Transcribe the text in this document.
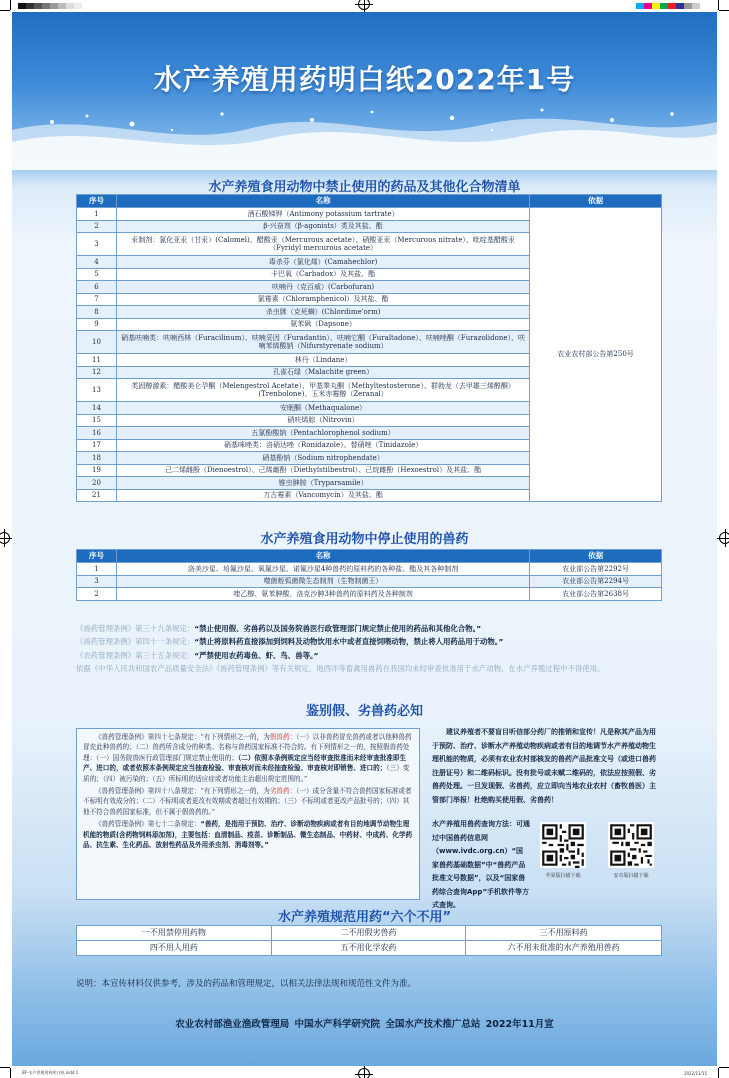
水产养殖用药明白纸2022年1号
水产养殖食用动物中禁止使用的药品及其他化合物清单
序号	名称	依据
1	酒石酸锑钾（Antimony potassium tartrate）	农业农村部公告第250号
2	β-兴奋剂（β-agonists）类及其盐、酯	
3	汞制剂：氯化亚汞（甘汞）(Calomel)、醋酸汞（Mercurous acetate）、硝酸亚汞（Mercurous nitrate）、吡啶基醋酸汞（Fyridyl mercurous acetate）	
4	毒杀芬（氯化烯）(Camahechlor)	
5	卡巴氧（Carbadox）及其盐、酯	
6	呋喃丹（克百威）(Carbofuran)	
7	氯霉素（Chloramphenicol）及其盐、酯	
8	杀虫脒（克死螨）(Chlordime'orm)	
9	氨苯砜（Dapsone）	
10	硝基呋喃类：呋喃西林（Furacilinum）、呋喃妥因（Furadantin）、呋喃它酮（Furaltadone）、呋喃唑酮（Furazolidone）、呋喃苯烯酸钠（Nifurstyrenate sodium）	
11	林丹（Lindane）	
12	孔雀石绿（Malachite green）	
13	类固醇激素：醋酸美仑孕酮（Melengestrol Acetate）、甲基睾丸酮（Methyltestosterone）、群勃龙（去甲雄三烯醇酮）(Trenbolone)、玉米赤霉醇（Zeranal）	
14	安眠酮（Methaqualone）	
15	硝呋烯腙（Nitrovin）	
16	五氯酚酸钠（Pentachlorophenol sodium）	
17	硝基咪唑类：洛硝达唑（Ronidazole）、替硝唑（Tinidazole）	
18	硝基酚钠（Sodium nitrophendate）	
19	己二烯雌酚（Dienoestrol）、己烯雌酚（Diethylstilbestrol）、己烷雌酚（Hexoestrol）及其盐、酯	
20	锥虫胂胺（Tryparsamile）	
21	万古霉素（Vancomycin）及其盐、酯	
水产养殖食用动物中停止使用的兽药
序号	名称	依据
1	洛美沙星、培氟沙星、氧氟沙星、诺氟沙星4种兽药的原料药的各种盐、酯及其各种制剂	农业部公告第2292号
3	噬菌蛭弧菌微生态制剂（生物制菌王）	农业部公告第2294号
2	喹乙醇、氨苯胂酸、洛克沙胂3种兽药的原料药及各种制剂	农业部公告第2638号
《兽药管理条例》第三十九条规定：“禁止使用假、劣兽药以及国务院兽医行政管理部门规定禁止使用的药品和其他化合物。”
《兽药管理条例》第四十一条规定：“禁止将原料药直接添加到饲料及动物饮用水中或者直接饲喂动物，禁止将人用药品用于动物。”
《农药管理条例》第三十五条规定：“严禁使用农药毒鱼、虾、鸟、兽等。”
依据《中华人民共和国农产品质量安全法》《兽药管理条例》等有关规定，地西泮等畜禽用兽药在我国均未经审查批准用于水产动物，在水产养殖过程中不得使用。
鉴别假、劣兽药必知

《兽药管理条例》第四十七条规定：“有下列情形之一的，为假兽药：（一）以非兽药冒充兽药或者以他种兽药冒充此种兽药的；（二）兽药所含成分的种类、名称与兽药国家标准不符合的。有下列情形之一的，按照假兽药处理：（一）国务院兽医行政管理部门规定禁止使用的；（二）依照本条例规定应当经审查批准而未经审查批准即生产、进口的，或者依照本条例规定应当抽查检验、审查核对而未经抽查检验、审查核对即销售、进口的；（三）变质的；（四）被污染的；（五）所标明的适应症或者功能主治超出规定范围的。”

《兽药管理条例》第四十八条规定：“有下列情形之一的，为劣兽药：（一）成分含量不符合兽药国家标准或者不标明有效成分的；（二）不标明或者更改有效期或者超过有效期的；（三）不标明或者更改产品批号的；（四）其他不符合兽药国家标准，但不属于假兽药的。”

《兽药管理条例》第七十二条规定：“兽药，是指用于预防、治疗、诊断动物疾病或者有目的地调节动物生理机能的物质(含药物饲料添加剂)，主要包括：血清制品、疫苗、诊断制品、微生态制品、中药材、中成药、化学药品、抗生素、生化药品、放射性药品及外用杀虫剂、消毒剂等。”

建议养殖者不要盲目听信部分药厂的推销和宣传！凡是称其产品为用于预防、治疗、诊断水产养殖动物疾病或者有目的地调节水产养殖动物生理机能的物质，必须有农业农村部核发的兽药产品批准文号（或进口兽药注册证号）和二维码标识。没有批号或未赋二维码的，依法应按照假、劣兽药处理。一旦发现假、劣兽药，应立即向当地农业农村（畜牧兽医）主管部门举报！杜绝购买使用假、劣兽药！
水产养殖用兽药查询方法：可通过中国兽药信息网（www.ivdc.org.cn）“国家兽药基础数据”中“兽药产品批准文号数据”，以及“国家兽药综合查询App”手机软件等方式查询。
苹果版扫描下载	安卓版扫描下载
水产养殖规范用药“六个不用”
一不用禁停用药物	二不用假劣兽药	三不用原料药
四不用人用药	五不用化学农药	六不用未批准的水产养殖用兽药
说明：本宣传材料仅供参考，涉及的药品和管理规定，以相关法律法规和规范性文件为准。
农业农村部渔业渔政管理局 中国水产科学研究院 全国水产技术推广总站 2022年11月宣
BF-水产养殖用药明白纸.indd 1	2022/11/15
